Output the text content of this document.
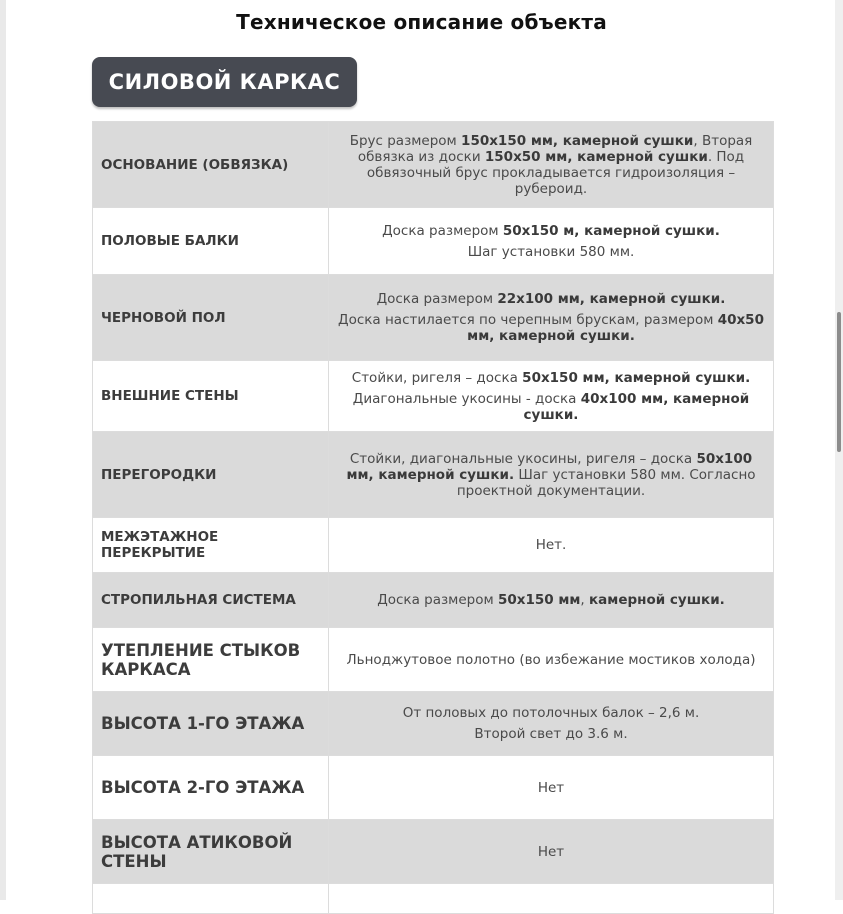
Техническое описание объекта
СИЛОВОЙ КАРКАС
ОСНОВАНИЕ (ОБВЯЗКА)	Брус размером 150x150 мм, камерной сушки, Вторая обвязка из доски 150x50 мм, камерной сушки. Под обвязочный брус прокладывается гидроизоляция – рубероид.

ПОЛОВЫЕ БАЛКИ	Доска размером 50х150 м, камерной сушки.
Шаг установки 580 мм.

ЧЕРНОВОЙ ПОЛ	Доска размером 22х100 мм, камерной сушки.
Доска настилается по черепным брускам, размером 40х50 мм, камерной сушки.

ВНЕШНИЕ СТЕНЫ	Стойки, ригеля – доска 50х150 мм, камерной сушки.
Диагональные укосины - доска 40х100 мм, камерной сушки.

ПЕРЕГОРОДКИ	Стойки, диагональные укосины, ригеля – доска 50х100 мм, камерной сушки. Шаг установки 580 мм. Согласно проектной документации.

МЕЖЭТАЖНОЕ ПЕРЕКРЫТИЕ	Нет.

СТРОПИЛЬНАЯ СИСТЕМА	Доска размером 50х150 мм, камерной сушки.

УТЕПЛЕНИЕ СТЫКОВ КАРКАСА	Льнoджутовое полотно (во избежание мостиков холода)

ВЫСОТА 1-ГО ЭТАЖА	От половых до потолочных балок – 2,6 м.
Второй свет до 3.6 м.

ВЫСОТА 2-ГО ЭТАЖА	Нет

ВЫСОТА АТИКОВОЙ СТЕНЫ	Нет
